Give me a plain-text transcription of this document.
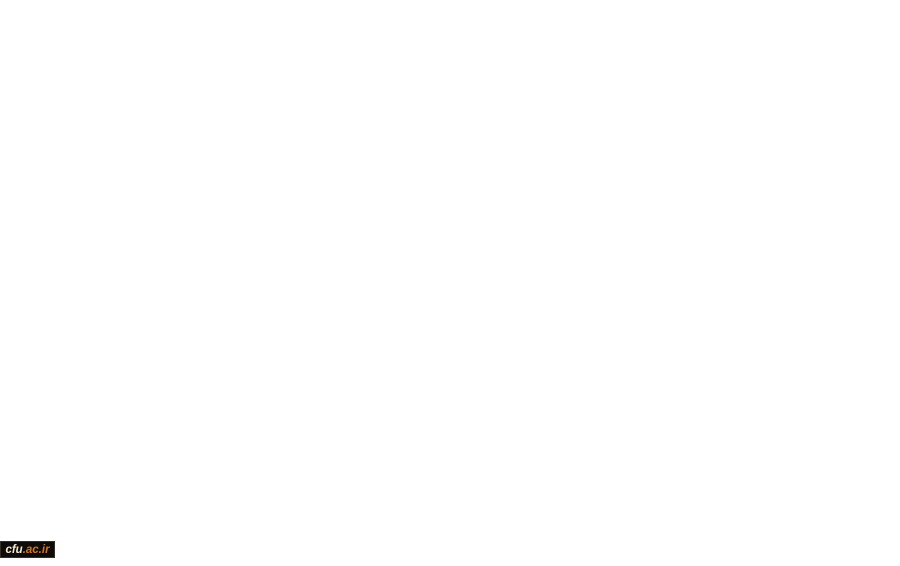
cfu .ac.ir
